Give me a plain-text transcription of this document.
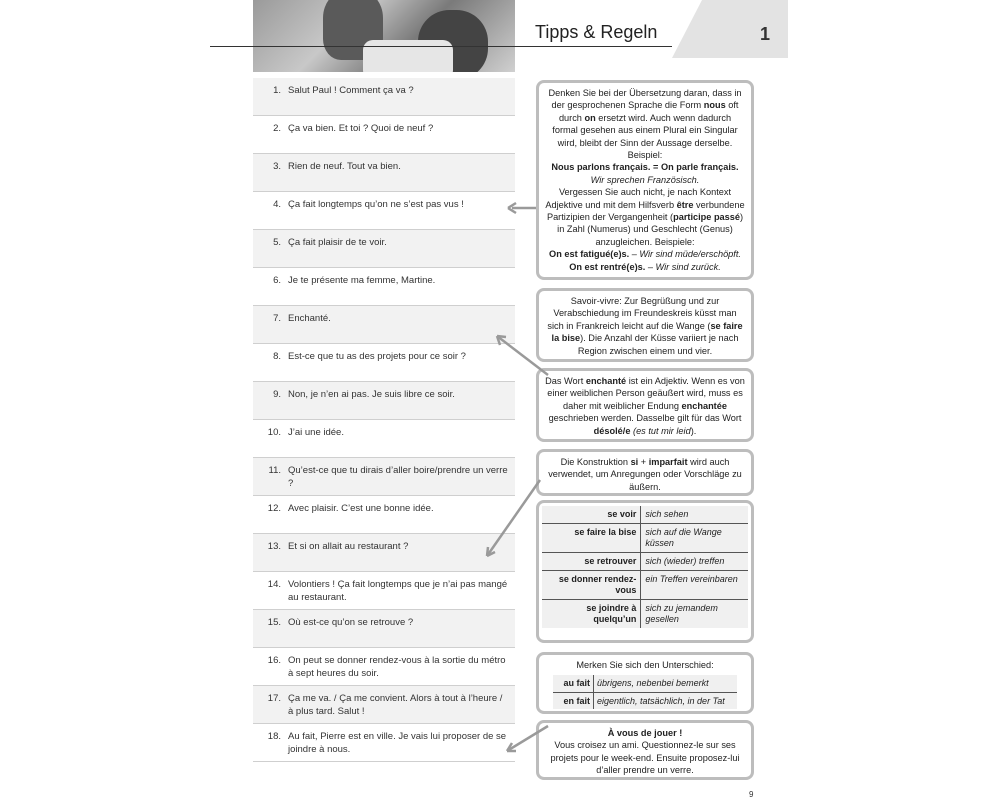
Tipps & Regeln	1
1. Salut Paul ! Comment ça va ?
2. Ça va bien. Et toi ? Quoi de neuf ?
3. Rien de neuf. Tout va bien.
4. Ça fait longtemps qu’on ne s’est pas vus !
5. Ça fait plaisir de te voir.
6. Je te présente ma femme, Martine.
7. Enchanté.
8. Est-ce que tu as des projets pour ce soir ?
9. Non, je n’en ai pas. Je suis libre ce soir.
10. J’ai une idée.
11. Qu’est-ce que tu dirais d’aller boire/prendre un verre ?
12. Avec plaisir. C’est une bonne idée.
13. Et si on allait au restaurant ?
14. Volontiers ! Ça fait longtemps que je n’ai pas mangé au restaurant.
15. Où est-ce qu’on se retrouve ?
16. On peut se donner rendez-vous à la sortie du métro à sept heures du soir.
17. Ça me va. / Ça me convient. Alors à tout à l’heure / à plus tard. Salut !
18. Au fait, Pierre est en ville. Je vais lui proposer de se joindre à nous.
Denken Sie bei der Übersetzung daran, dass in der gesprochenen Sprache die Form nous oft durch on ersetzt wird. Auch wenn dadurch formal gesehen aus einem Plural ein Singular wird, bleibt der Sinn der Aussage derselbe. Beispiel:
Nous parlons français. = On parle français.
Wir sprechen Französisch.
Vergessen Sie auch nicht, je nach Kontext Adjektive und mit dem Hilfsverb être verbundene Partizipien der Vergangenheit (participe passé) in Zahl (Numerus) und Geschlecht (Genus) anzugleichen. Beispiele:
On est fatigué(e)s. – Wir sind müde/erschöpft.
On est rentré(e)s. – Wir sind zurück.
Savoir-vivre: Zur Begrüßung und zur Verabschiedung im Freundeskreis küsst man sich in Frankreich leicht auf die Wange (se faire la bise). Die Anzahl der Küsse variiert je nach Region zwischen einem und vier.
Das Wort enchanté ist ein Adjektiv. Wenn es von einer weiblichen Person geäußert wird, muss es daher mit weiblicher Endung enchantée geschrieben werden. Dasselbe gilt für das Wort désolé/e (es tut mir leid).
Die Konstruktion si + imparfait wird auch verwendet, um Anregungen oder Vorschläge zu äußern.
se voir	sich sehen
se faire la bise	sich auf die Wange küssen
se retrouver	sich (wieder) treffen
se donner rendez-vous	ein Treffen vereinbaren
se joindre à quelqu’un	sich zu jemandem gesellen
Merken Sie sich den Unterschied:
au fait	übrigens, nebenbei bemerkt
en fait	eigentlich, tatsächlich, in der Tat
À vous de jouer !
Vous croisez un ami. Questionnez-le sur ses projets pour le week-end. Ensuite proposez-lui d’aller prendre un verre.
9
